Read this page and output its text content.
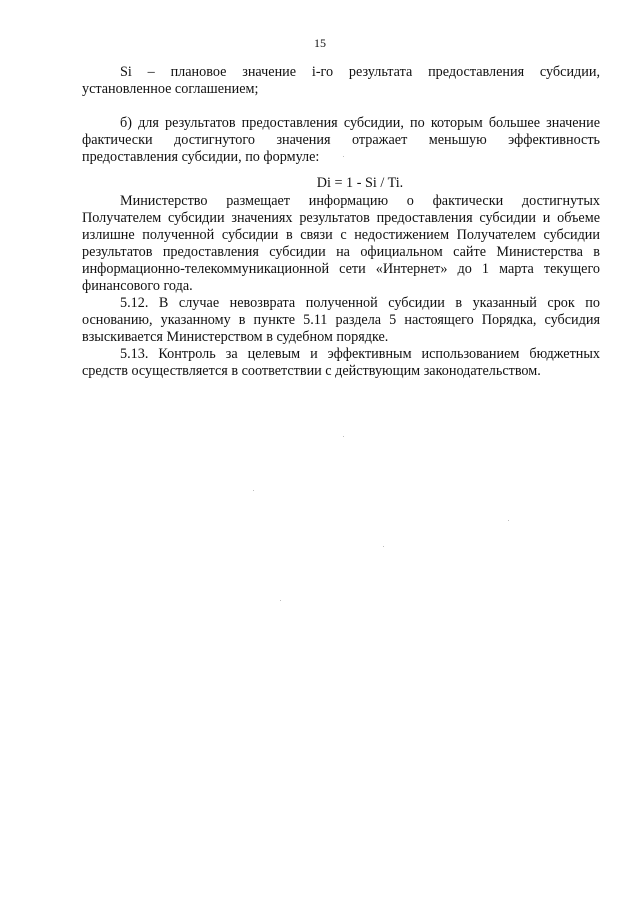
15

Si – плановое значение i-го результата предоставления субсидии, установленное соглашением;

б) для результатов предоставления субсидии, по которым большее значение фактически достигнутого значения отражает меньшую эффективность предоставления субсидии, по формуле:

Di = 1 - Si / Ti.

Министерство размещает информацию о фактически достигнутых Получателем субсидии значениях результатов предоставления субсидии и объеме излишне полученной субсидии в связи с недостижением Получателем субсидии результатов предоставления субсидии на официальном сайте Министерства в информационно-телекоммуникационной сети «Интернет» до 1 марта текущего финансового года.

5.12. В случае невозврата полученной субсидии в указанный срок по основанию, указанному в пункте 5.11 раздела 5 настоящего Порядка, субсидия взыскивается Министерством в судебном порядке.

5.13. Контроль за целевым и эффективным использованием бюджетных средств осуществляется в соответствии с действующим законодательством.
